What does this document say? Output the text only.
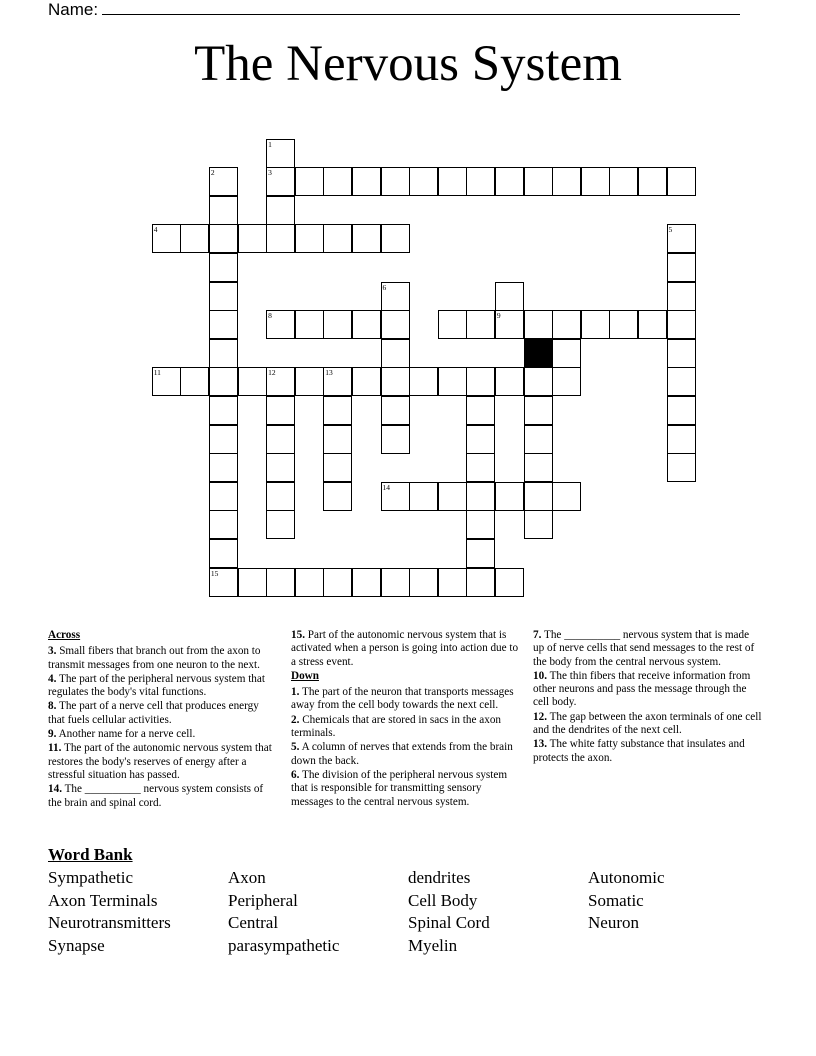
Name:
The Nervous System
1
2	3
4	5
6
8	9
11	12	13
14
15
Across
3. Small fibers that branch out from the axon to transmit messages from one neuron to the next.
4. The part of the peripheral nervous system that regulates the body's vital functions.
8. The part of a nerve cell that produces energy that fuels cellular activities.
9. Another name for a nerve cell.
11. The part of the autonomic nervous system that restores the body's reserves of energy after a stressful situation has passed.
14. The __________ nervous system consists of the brain and spinal cord.
15. Part of the autonomic nervous system that is activated when a person is going into action due to a stress event.
Down
1. The part of the neuron that transports messages away from the cell body towards the next cell.
2. Chemicals that are stored in sacs in the axon terminals.
5. A column of nerves that extends from the brain down the back.
6. The division of the peripheral nervous system that is responsible for transmitting sensory messages to the central nervous system.
7. The __________ nervous system that is made up of nerve cells that send messages to the rest of the body from the central nervous system.
10. The thin fibers that receive information from other neurons and pass the message through the cell body.
12. The gap between the axon terminals of one cell and the dendrites of the next cell.
13. The white fatty substance that insulates and protects the axon.
Word Bank
Sympathetic	Axon	dendrites	Autonomic
Axon Terminals	Peripheral	Cell Body	Somatic
Neurotransmitters	Central	Spinal Cord	Neuron
Synapse	parasympathetic	Myelin
